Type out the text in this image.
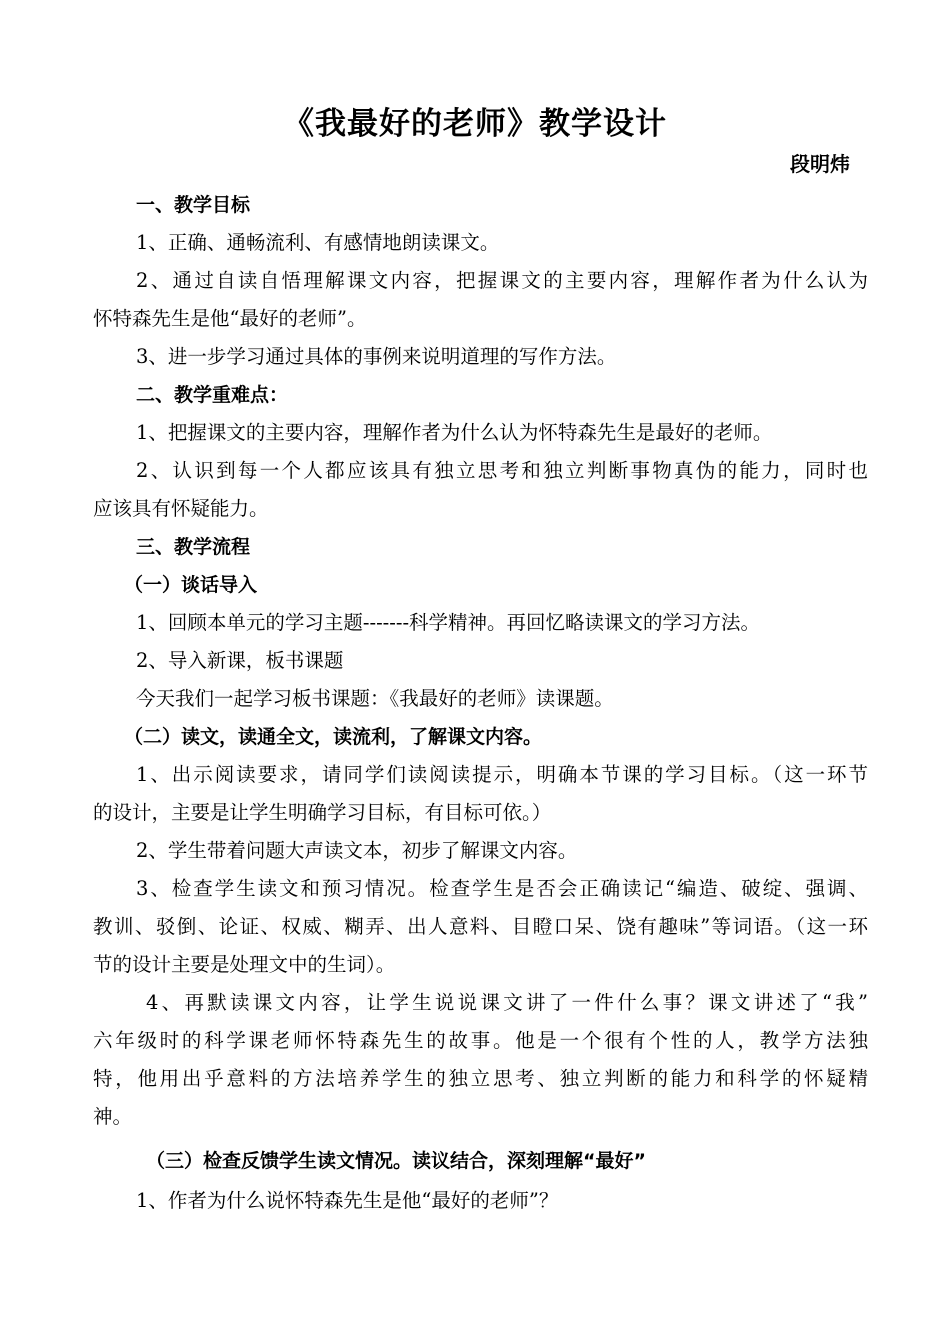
《我最好的老师》教学设计
段明炜
一、教学目标
1、正确、通畅流利、有感情地朗读课文。
2、通过自读自悟理解课文内容，把握课文的主要内容，理解作者为什么认为
怀特森先生是他“最好的老师”。
3、进一步学习通过具体的事例来说明道理的写作方法。
二、教学重难点：
1、把握课文的主要内容，理解作者为什么认为怀特森先生是最好的老师。
2、认识到每一个人都应该具有独立思考和独立判断事物真伪的能力，同时也
应该具有怀疑能力。
三、教学流程
（一）谈话导入
1、回顾本单元的学习主题-------科学精神。再回忆略读课文的学习方法。
2、导入新课，板书课题
今天我们一起学习板书课题：《我最好的老师》读课题。
（二）读文，读通全文，读流利，了解课文内容。
1、出示阅读要求，请同学们读阅读提示，明确本节课的学习目标。（这一环节
的设计，主要是让学生明确学习目标，有目标可依。）
2、学生带着问题大声读文本，初步了解课文内容。
3、检查学生读文和预习情况。检查学生是否会正确读记“编造、破绽、强调、
教训、驳倒、论证、权威、糊弄、出人意料、目瞪口呆、饶有趣味”等词语。（这一环
节的设计主要是处理文中的生词）。
4、再默读课文内容，让学生说说课文讲了一件什么事？课文讲述了“我”
六年级时的科学课老师怀特森先生的故事。他是一个很有个性的人，教学方法独
特，他用出乎意料的方法培养学生的独立思考、独立判断的能力和科学的怀疑精
神。
（三）检查反馈学生读文情况。读议结合，深刻理解“最好”
1、作者为什么说怀特森先生是他“最好的老师”？
